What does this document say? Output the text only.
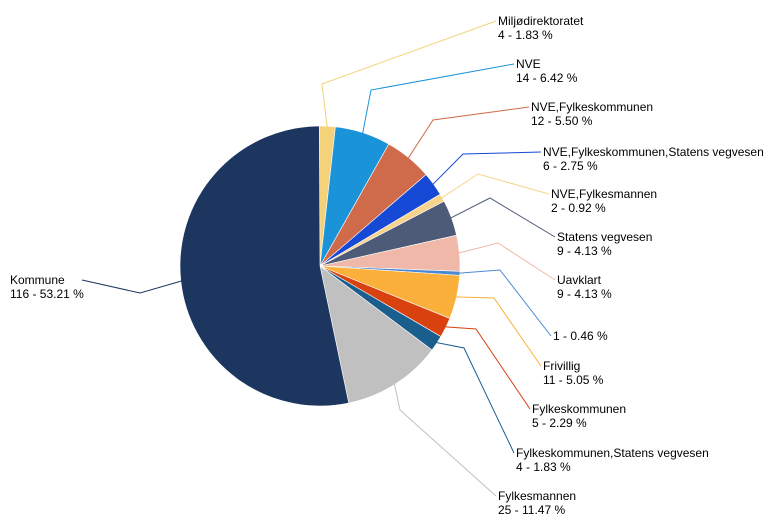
Miljødirektoratet
4 - 1.83 %
NVE
14 - 6.42 %
NVE,Fylkeskommunen
12 - 5.50 %
NVE,Fylkeskommunen,Statens vegvesen
6 - 2.75 %
NVE,Fylkesmannen
2 - 0.92 %
Statens vegvesen
9 - 4.13 %
Uavklart
9 - 4.13 %
1 - 0.46 %
Frivillig
11 - 5.05 %
Fylkeskommunen
5 - 2.29 %
Fylkeskommunen,Statens vegvesen
4 - 1.83 %
Fylkesmannen
25 - 11.47 %
Kommune
116 - 53.21 %
